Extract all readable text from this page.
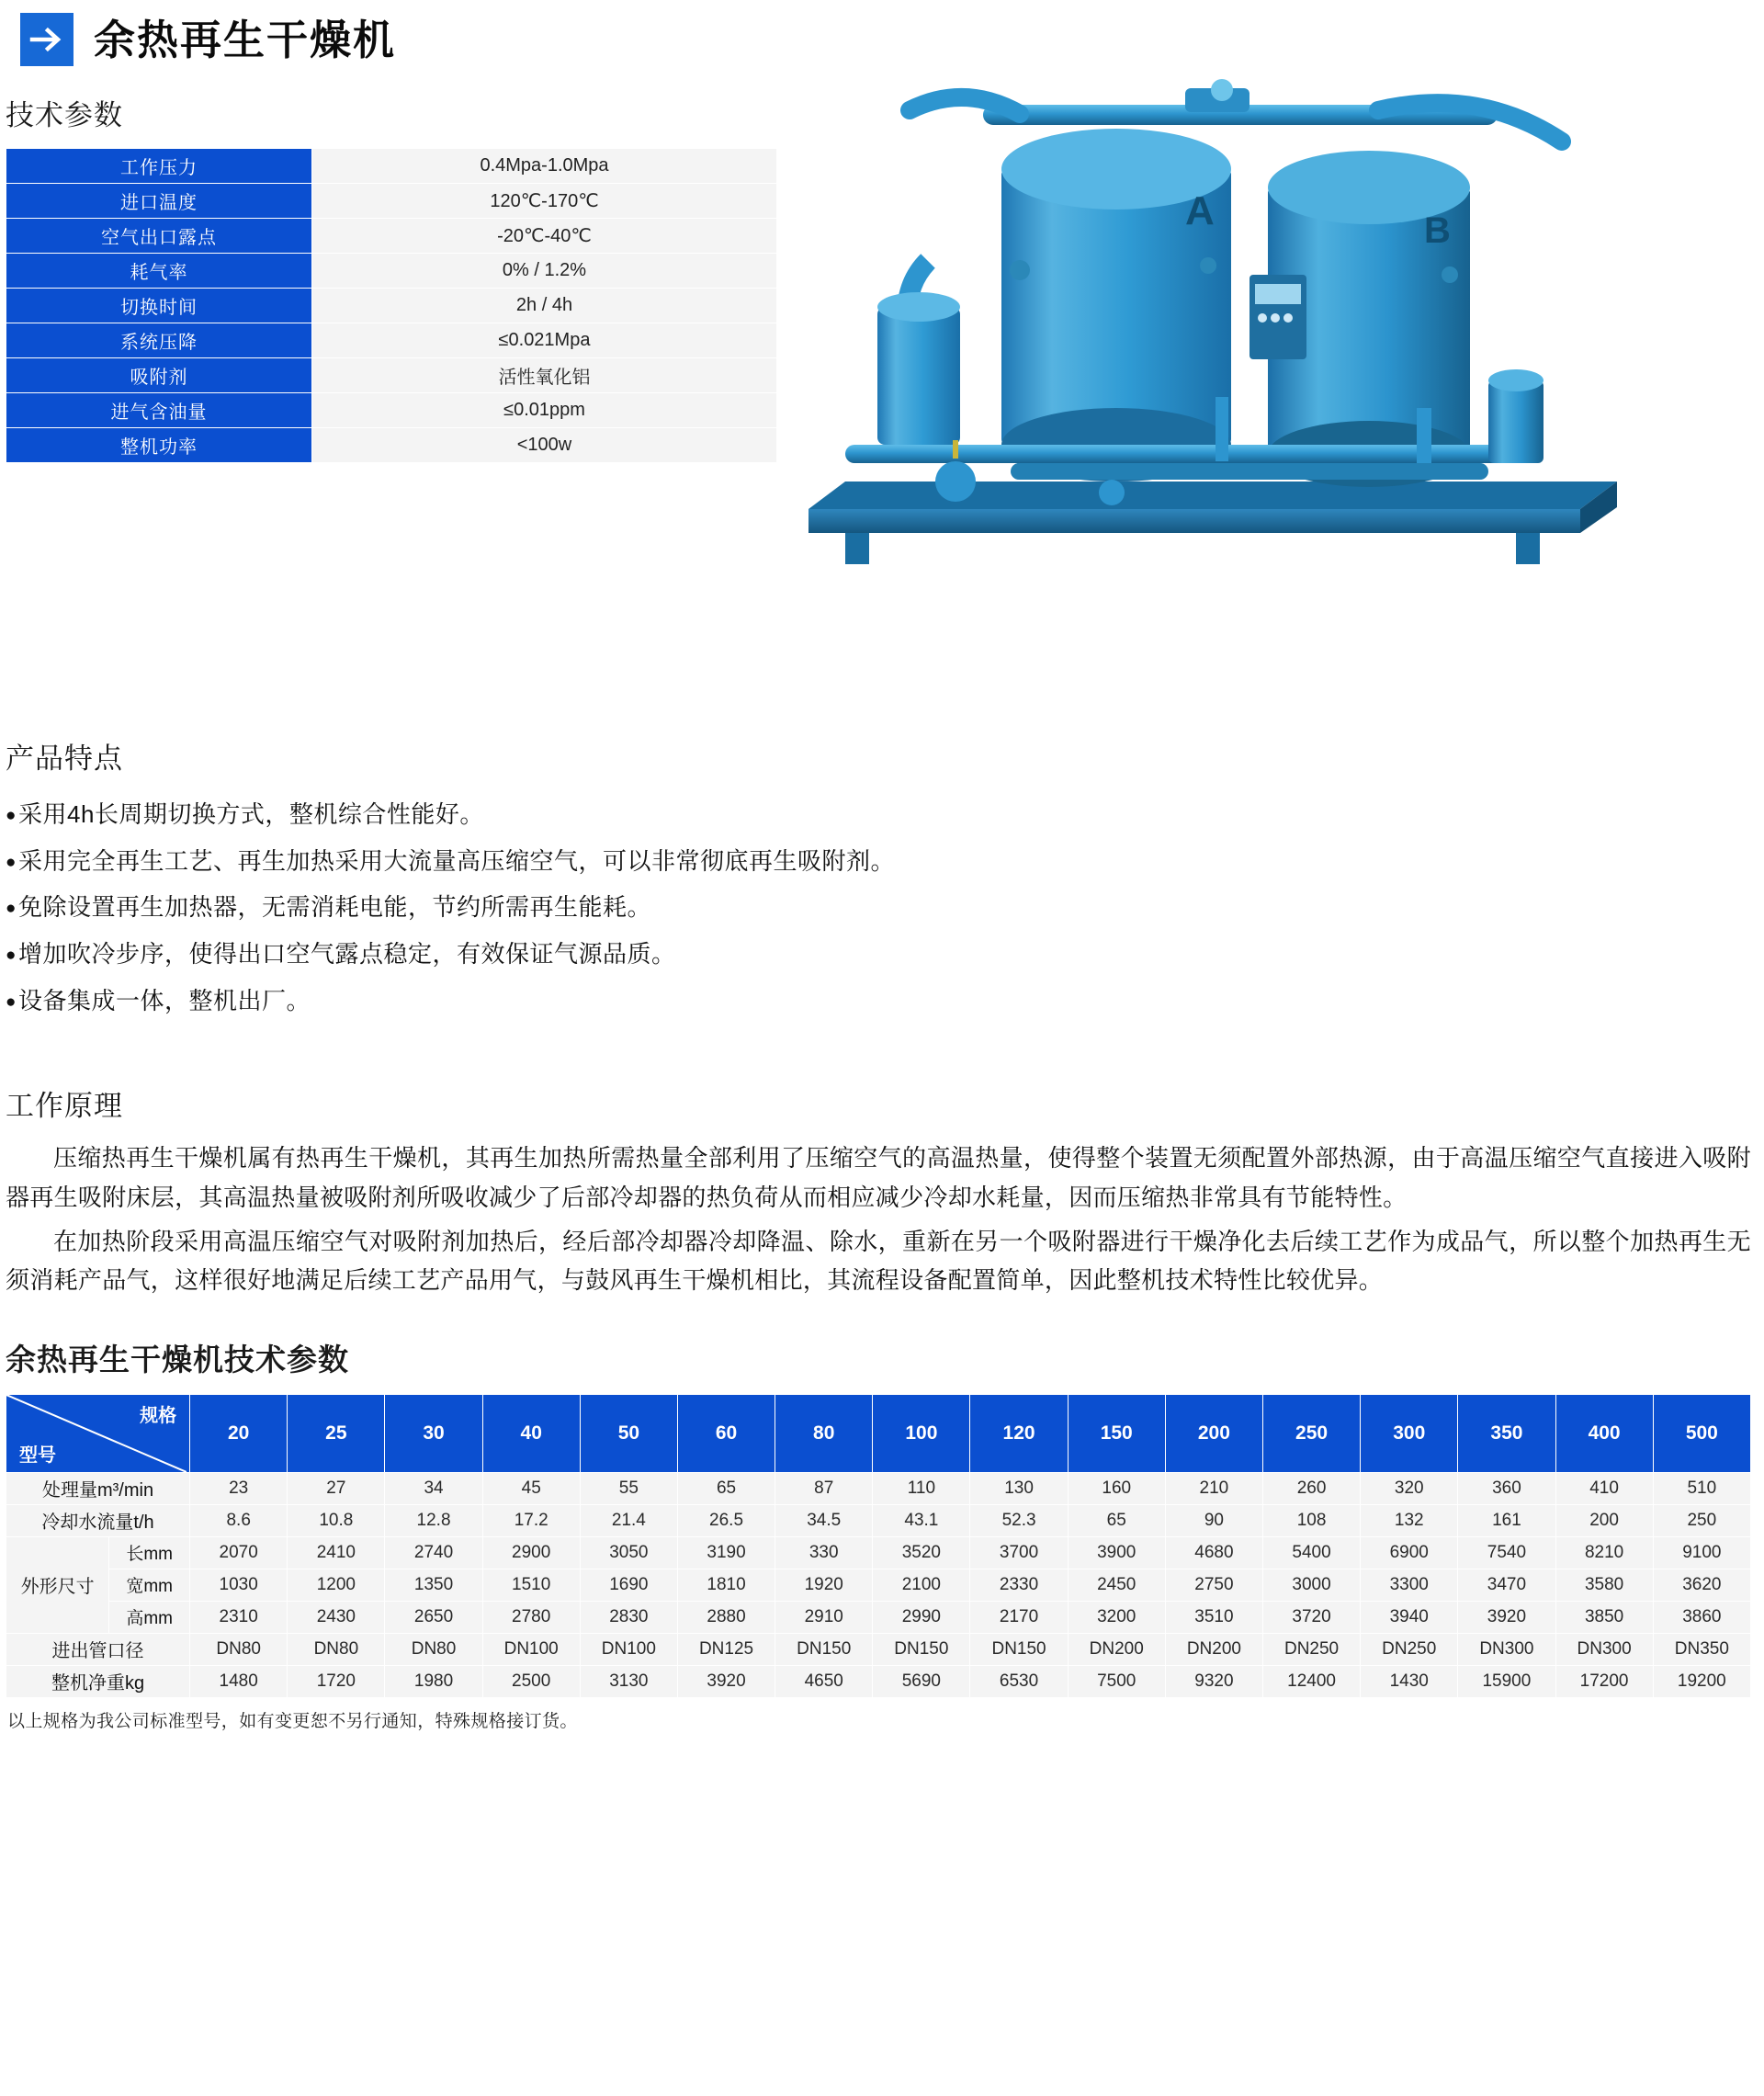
余热再生干燥机
技术参数
工作压力	0.4Mpa-1.0Mpa
进口温度	120℃-170℃
空气出口露点	-20℃-40℃
耗气率	0% / 1.2%
切换时间	2h / 4h
系统压降	≤0.021Mpa
吸附剂	活性氧化铝
进气含油量	≤0.01ppm
整机功率	<100w
A	B
产品特点
●采用4h长周期切换方式，整机综合性能好。
●采用完全再生工艺、再生加热采用大流量高压缩空气，可以非常彻底再生吸附剂。
●免除设置再生加热器，无需消耗电能，节约所需再生能耗。
●增加吹冷步序，使得出口空气露点稳定，有效保证气源品质。
●设备集成一体，整机出厂。
工作原理

压缩热再生干燥机属有热再生干燥机，其再生加热所需热量全部利用了压缩空气的高温热量，使得整个装置无须配置外部热源，由于高温压缩空气直接进入吸附器再生吸附床层，其高温热量被吸附剂所吸收减少了后部冷却器的热负荷从而相应减少冷却水耗量，因而压缩热非常具有节能特性。

在加热阶段采用高温压缩空气对吸附剂加热后，经后部冷却器冷却降温、除水，重新在另一个吸附器进行干燥净化去后续工艺作为成品气，所以整个加热再生无须消耗产品气，这样很好地满足后续工艺产品用气，与鼓风再生干燥机相比，其流程设备配置简单，因此整机技术特性比较优异。

余热再生干燥机技术参数
规格
型号		20	25	30	40	50	60	80	100	120	150	200	250	300	350	400	500
处理量m³/min		23	27	34	45	55	65	87	110	130	160	210	260	320	360	410	510
冷却水流量t/h		8.6	10.8	12.8	17.2	21.4	26.5	34.5	43.1	52.3	65	90	108	132	161	200	250
外形尺寸	长mm	2070	2410	2740	2900	3050	3190	330	3520	3700	3900	4680	5400	6900	7540	8210	9100
	宽mm	1030	1200	1350	1510	1690	1810	1920	2100	2330	2450	2750	3000	3300	3470	3580	3620
	高mm	2310	2430	2650	2780	2830	2880	2910	2990	2170	3200	3510	3720	3940	3920	3850	3860
进出管口径		DN80	DN80	DN80	DN100	DN100	DN125	DN150	DN150	DN150	DN200	DN200	DN250	DN250	DN300	DN300	DN350
整机净重kg		1480	1720	1980	2500	3130	3920	4650	5690	6530	7500	9320	12400	1430	15900	17200	19200
以上规格为我公司标准型号，如有变更恕不另行通知，特殊规格接订货。
